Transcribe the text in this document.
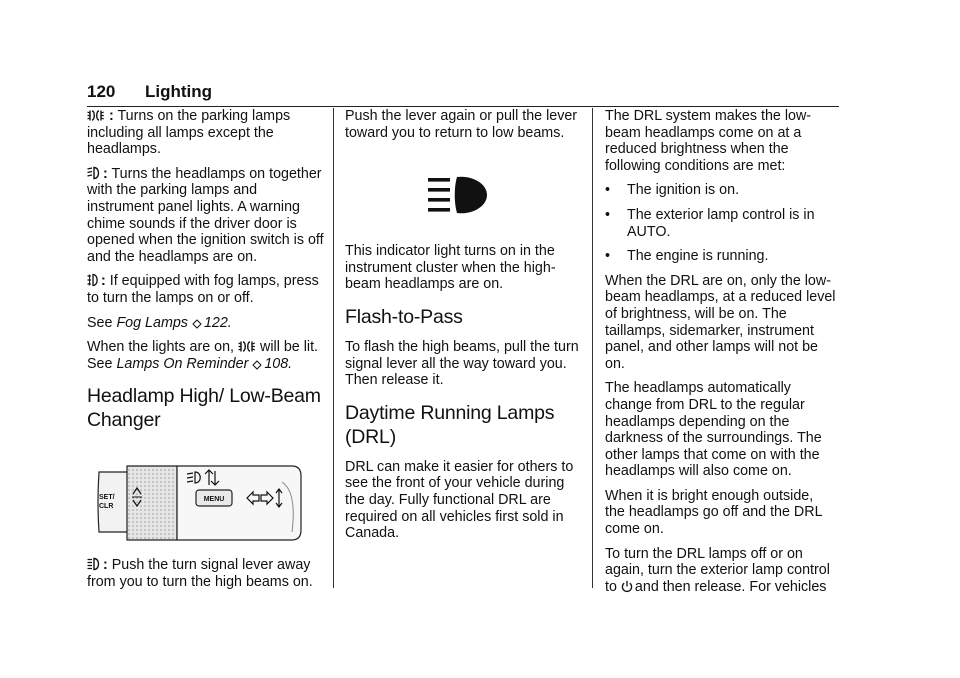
120 Lighting

: Turns on the parking lamps including all lamps except the headlamps.

: Turns the headlamps on together with the parking lamps and instrument panel lights. A warning chime sounds if the driver door is opened when the ignition switch is off and the headlamps are on.

: If equipped with fog lamps, press to turn the lamps on or off.

See Fog Lamps 122.

When the lights are on, will be lit. See Lamps On Reminder 108.

Headlamp High/ Low-Beam Changer
SET/
CLR
MENU

: Push the turn signal lever away from you to turn the high beams on.

Push the lever again or pull the lever toward you to return to low beams.

This indicator light turns on in the instrument cluster when the high-beam headlamps are on.

Flash-to-Pass

To flash the high beams, pull the turn signal lever all the way toward you. Then release it.

Daytime Running Lamps (DRL)

DRL can make it easier for others to see the front of your vehicle during the day. Fully functional DRL are required on all vehicles first sold in Canada.

The DRL system makes the low-beam headlamps come on at a reduced brightness when the following conditions are met:

• The ignition is on.
• The exterior lamp control is in AUTO.
• The engine is running.

When the DRL are on, only the low-beam headlamps, at a reduced level of brightness, will be on. The taillamps, sidemarker, instrument panel, and other lamps will not be on.

The headlamps automatically change from DRL to the regular headlamps depending on the darkness of the surroundings. The other lamps that come on with the headlamps will also come on.

When it is bright enough outside, the headlamps go off and the DRL come on.

To turn the DRL lamps off or on again, turn the exterior lamp control to and then release. For vehicles
